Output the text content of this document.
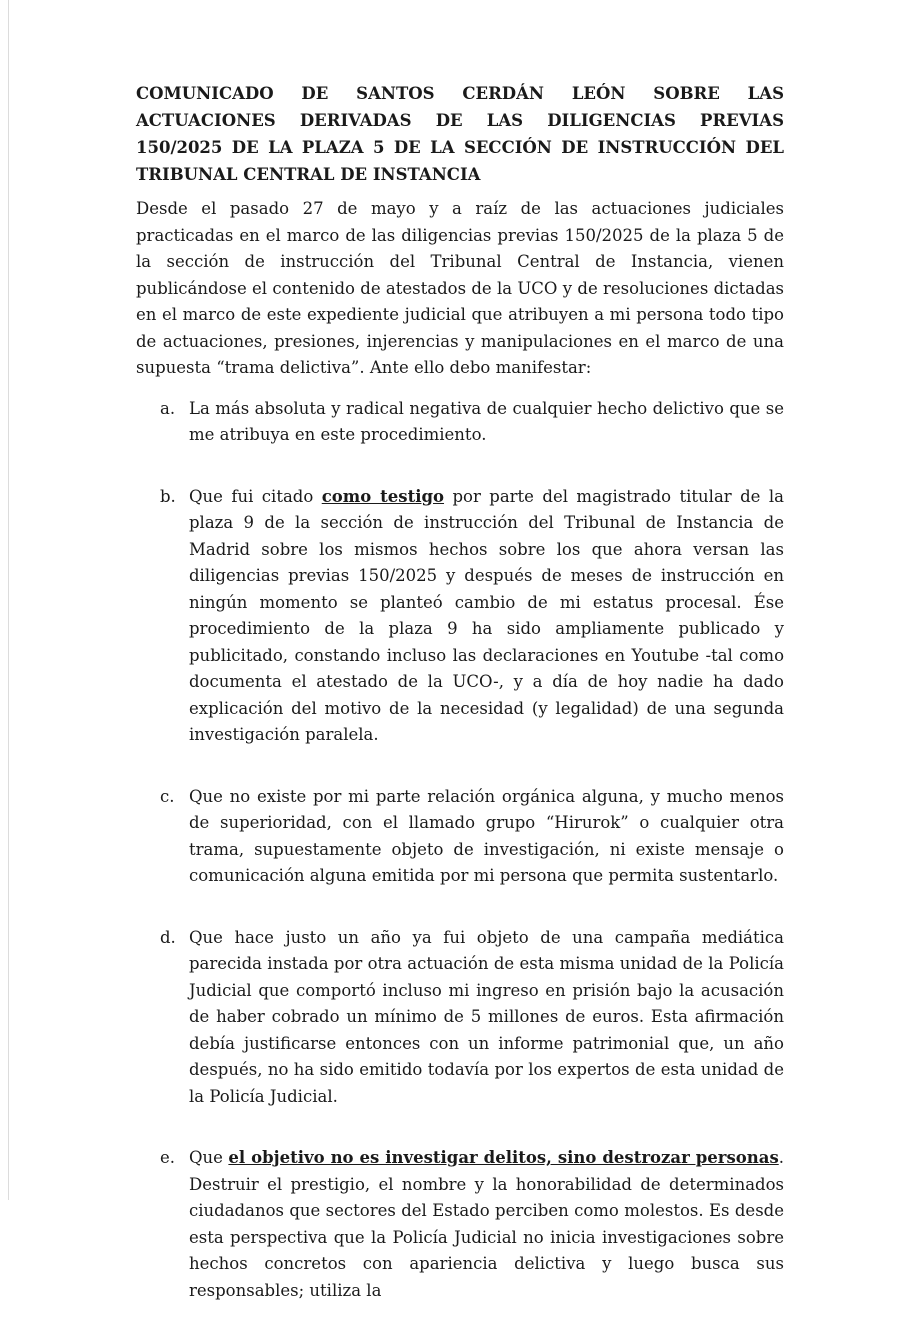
COMUNICADO DE SANTOS CERDÁN LEÓN SOBRE LAS ACTUACIONES DERIVADAS DE LAS DILIGENCIAS PREVIAS 150/2025 DE LA PLAZA 5 DE LA SECCIÓN DE INSTRUCCIÓN DEL TRIBUNAL CENTRAL DE INSTANCIA

Desde el pasado 27 de mayo y a raíz de las actuaciones judiciales practicadas en el marco de las diligencias previas 150/2025 de la plaza 5 de la sección de instrucción del Tribunal Central de Instancia, vienen publicándose el contenido de atestados de la UCO y de resoluciones dictadas en el marco de este expediente judicial que atribuyen a mi persona todo tipo de actuaciones, presiones, injerencias y manipulaciones en el marco de una supuesta “trama delictiva”. Ante ello debo manifestar:

a. La más absoluta y radical negativa de cualquier hecho delictivo que se me atribuya en este procedimiento.
b. Que fui citado como testigo por parte del magistrado titular de la plaza 9 de la sección de instrucción del Tribunal de Instancia de Madrid sobre los mismos hechos sobre los que ahora versan las diligencias previas 150/2025 y después de meses de instrucción en ningún momento se planteó cambio de mi estatus procesal. Ése procedimiento de la plaza 9 ha sido ampliamente publicado y publicitado, constando incluso las declaraciones en Youtube -tal como documenta el atestado de la UCO-, y a día de hoy nadie ha dado explicación del motivo de la necesidad (y legalidad) de una segunda investigación paralela.
c. Que no existe por mi parte relación orgánica alguna, y mucho menos de superioridad, con el llamado grupo “Hirurok” o cualquier otra trama, supuestamente objeto de investigación, ni existe mensaje o comunicación alguna emitida por mi persona que permita sustentarlo.
d. Que hace justo un año ya fui objeto de una campaña mediática parecida instada por otra actuación de esta misma unidad de la Policía Judicial que comportó incluso mi ingreso en prisión bajo la acusación de haber cobrado un mínimo de 5 millones de euros. Esta afirmación debía justificarse entonces con un informe patrimonial que, un año después, no ha sido emitido todavía por los expertos de esta unidad de la Policía Judicial.
e. Que el objetivo no es investigar delitos, sino destrozar personas. Destruir el prestigio, el nombre y la honorabilidad de determinados ciudadanos que sectores del Estado perciben como molestos. Es desde esta perspectiva que la Policía Judicial no inicia investigaciones sobre hechos concretos con apariencia delictiva y luego busca sus responsables; utiliza la
